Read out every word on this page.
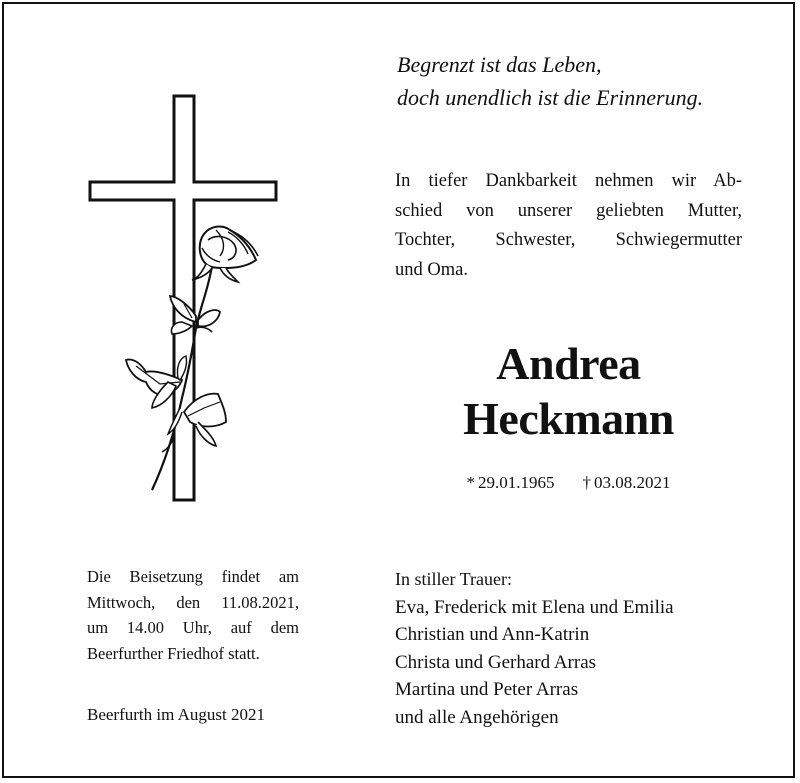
Begrenzt ist das Leben,
doch unendlich ist die Erinnerung.
In tiefer Dankbarkeit nehmen wir Ab-
schied von unserer geliebten Mutter,
Tochter, Schwester, Schwiegermutter
und Oma.
Andrea
Heckmann
* 29.01.1965 † 03.08.2021
Die Beisetzung findet am
Mittwoch, den 11.08.2021,
um 14.00 Uhr, auf dem
Beerfurther Friedhof statt.
Beerfurth im August 2021
In stiller Trauer:
Eva, Frederick mit Elena und Emilia
Christian und Ann-Katrin
Christa und Gerhard Arras
Martina und Peter Arras
und alle Angehörigen
